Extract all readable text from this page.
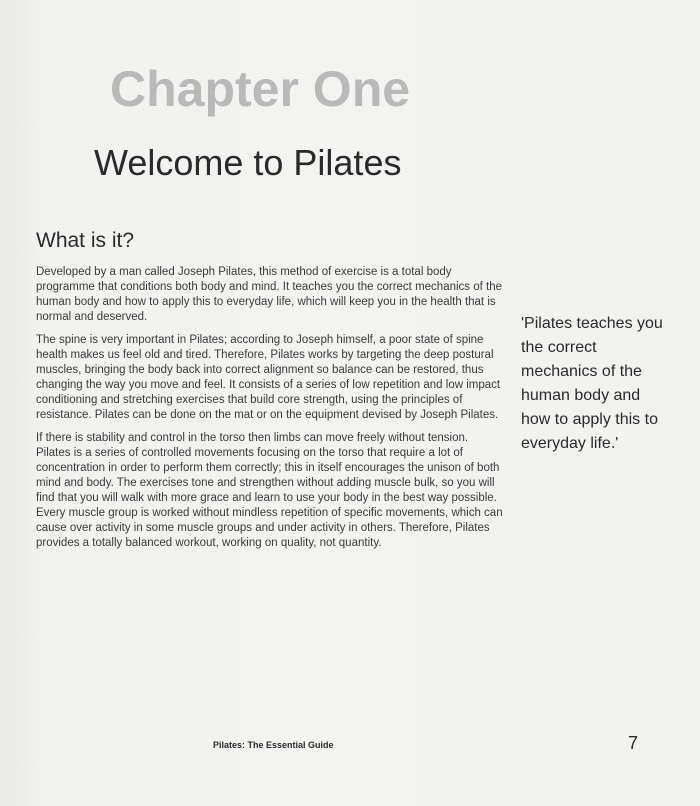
Chapter One
Welcome to Pilates
What is it?

Developed by a man called Joseph Pilates, this method of exercise is a total body programme that conditions both body and mind. It teaches you the correct mechanics of the human body and how to apply this to everyday life, which will keep you in the health that is normal and deserved.

The spine is very important in Pilates; according to Joseph himself, a poor state of spine health makes us feel old and tired. Therefore, Pilates works by targeting the deep postural muscles, bringing the body back into correct alignment so balance can be restored, thus changing the way you move and feel. It consists of a series of low repetition and low impact conditioning and stretching exercises that build core strength, using the principles of resistance. Pilates can be done on the mat or on the equipment devised by Joseph Pilates.

If there is stability and control in the torso then limbs can move freely without tension. Pilates is a series of controlled movements focusing on the torso that require a lot of concentration in order to perform them correctly; this in itself encourages the unison of both mind and body. The exercises tone and strengthen without adding muscle bulk, so you will find that you will walk with more grace and learn to use your body in the best way possible. Every muscle group is worked without mindless repetition of specific movements, which can cause over activity in some muscle groups and under activity in others. Therefore, Pilates provides a totally balanced workout, working on quality, not quantity.

'Pilates teaches you the correct mechanics of the human body and how to apply this to everyday life.'
Pilates: The Essential Guide	7
